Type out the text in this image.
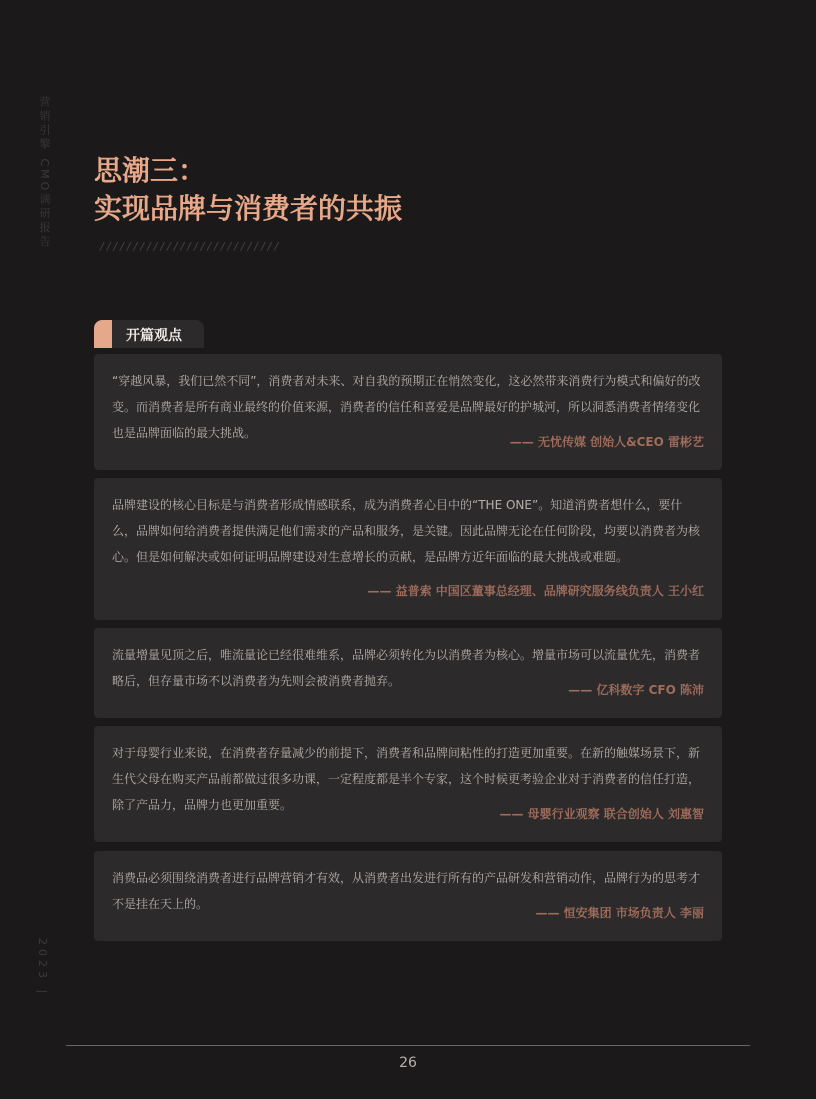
营销引擎 CMO调研报告
2023 |
思潮三：
实现品牌与消费者的共振
///////////////////////////
开篇观点

“穿越风暴，我们已然不同”，消费者对未来、对自我的预期正在悄然变化，这必然带来消费行为模式和偏好的改变。而消费者是所有商业最终的价值来源，消费者的信任和喜爱是品牌最好的护城河，所以洞悉消费者情绪变化也是品牌面临的最大挑战。

—— 无忧传媒 创始人&CEO 雷彬艺

品牌建设的核心目标是与消费者形成情感联系，成为消费者心目中的“THE ONE”。知道消费者想什么，要什么，品牌如何给消费者提供满足他们需求的产品和服务，是关键。因此品牌无论在任何阶段，均要以消费者为核心。但是如何解决或如何证明品牌建设对生意增长的贡献，是品牌方近年面临的最大挑战或难题。

—— 益普索 中国区董事总经理、品牌研究服务线负责人 王小红

流量增量见顶之后，唯流量论已经很难维系，品牌必须转化为以消费者为核心。增量市场可以流量优先，消费者略后，但存量市场不以消费者为先则会被消费者抛弃。

—— 亿科数字 CFO 陈沛

对于母婴行业来说，在消费者存量减少的前提下，消费者和品牌间粘性的打造更加重要。在新的触媒场景下，新生代父母在购买产品前都做过很多功课，一定程度都是半个专家，这个时候更考验企业对于消费者的信任打造，除了产品力，品牌力也更加重要。

—— 母婴行业观察 联合创始人 刘惠智

消费品必须围绕消费者进行品牌营销才有效，从消费者出发进行所有的产品研发和营销动作，品牌行为的思考才不是挂在天上的。

—— 恒安集团 市场负责人 李丽
26
